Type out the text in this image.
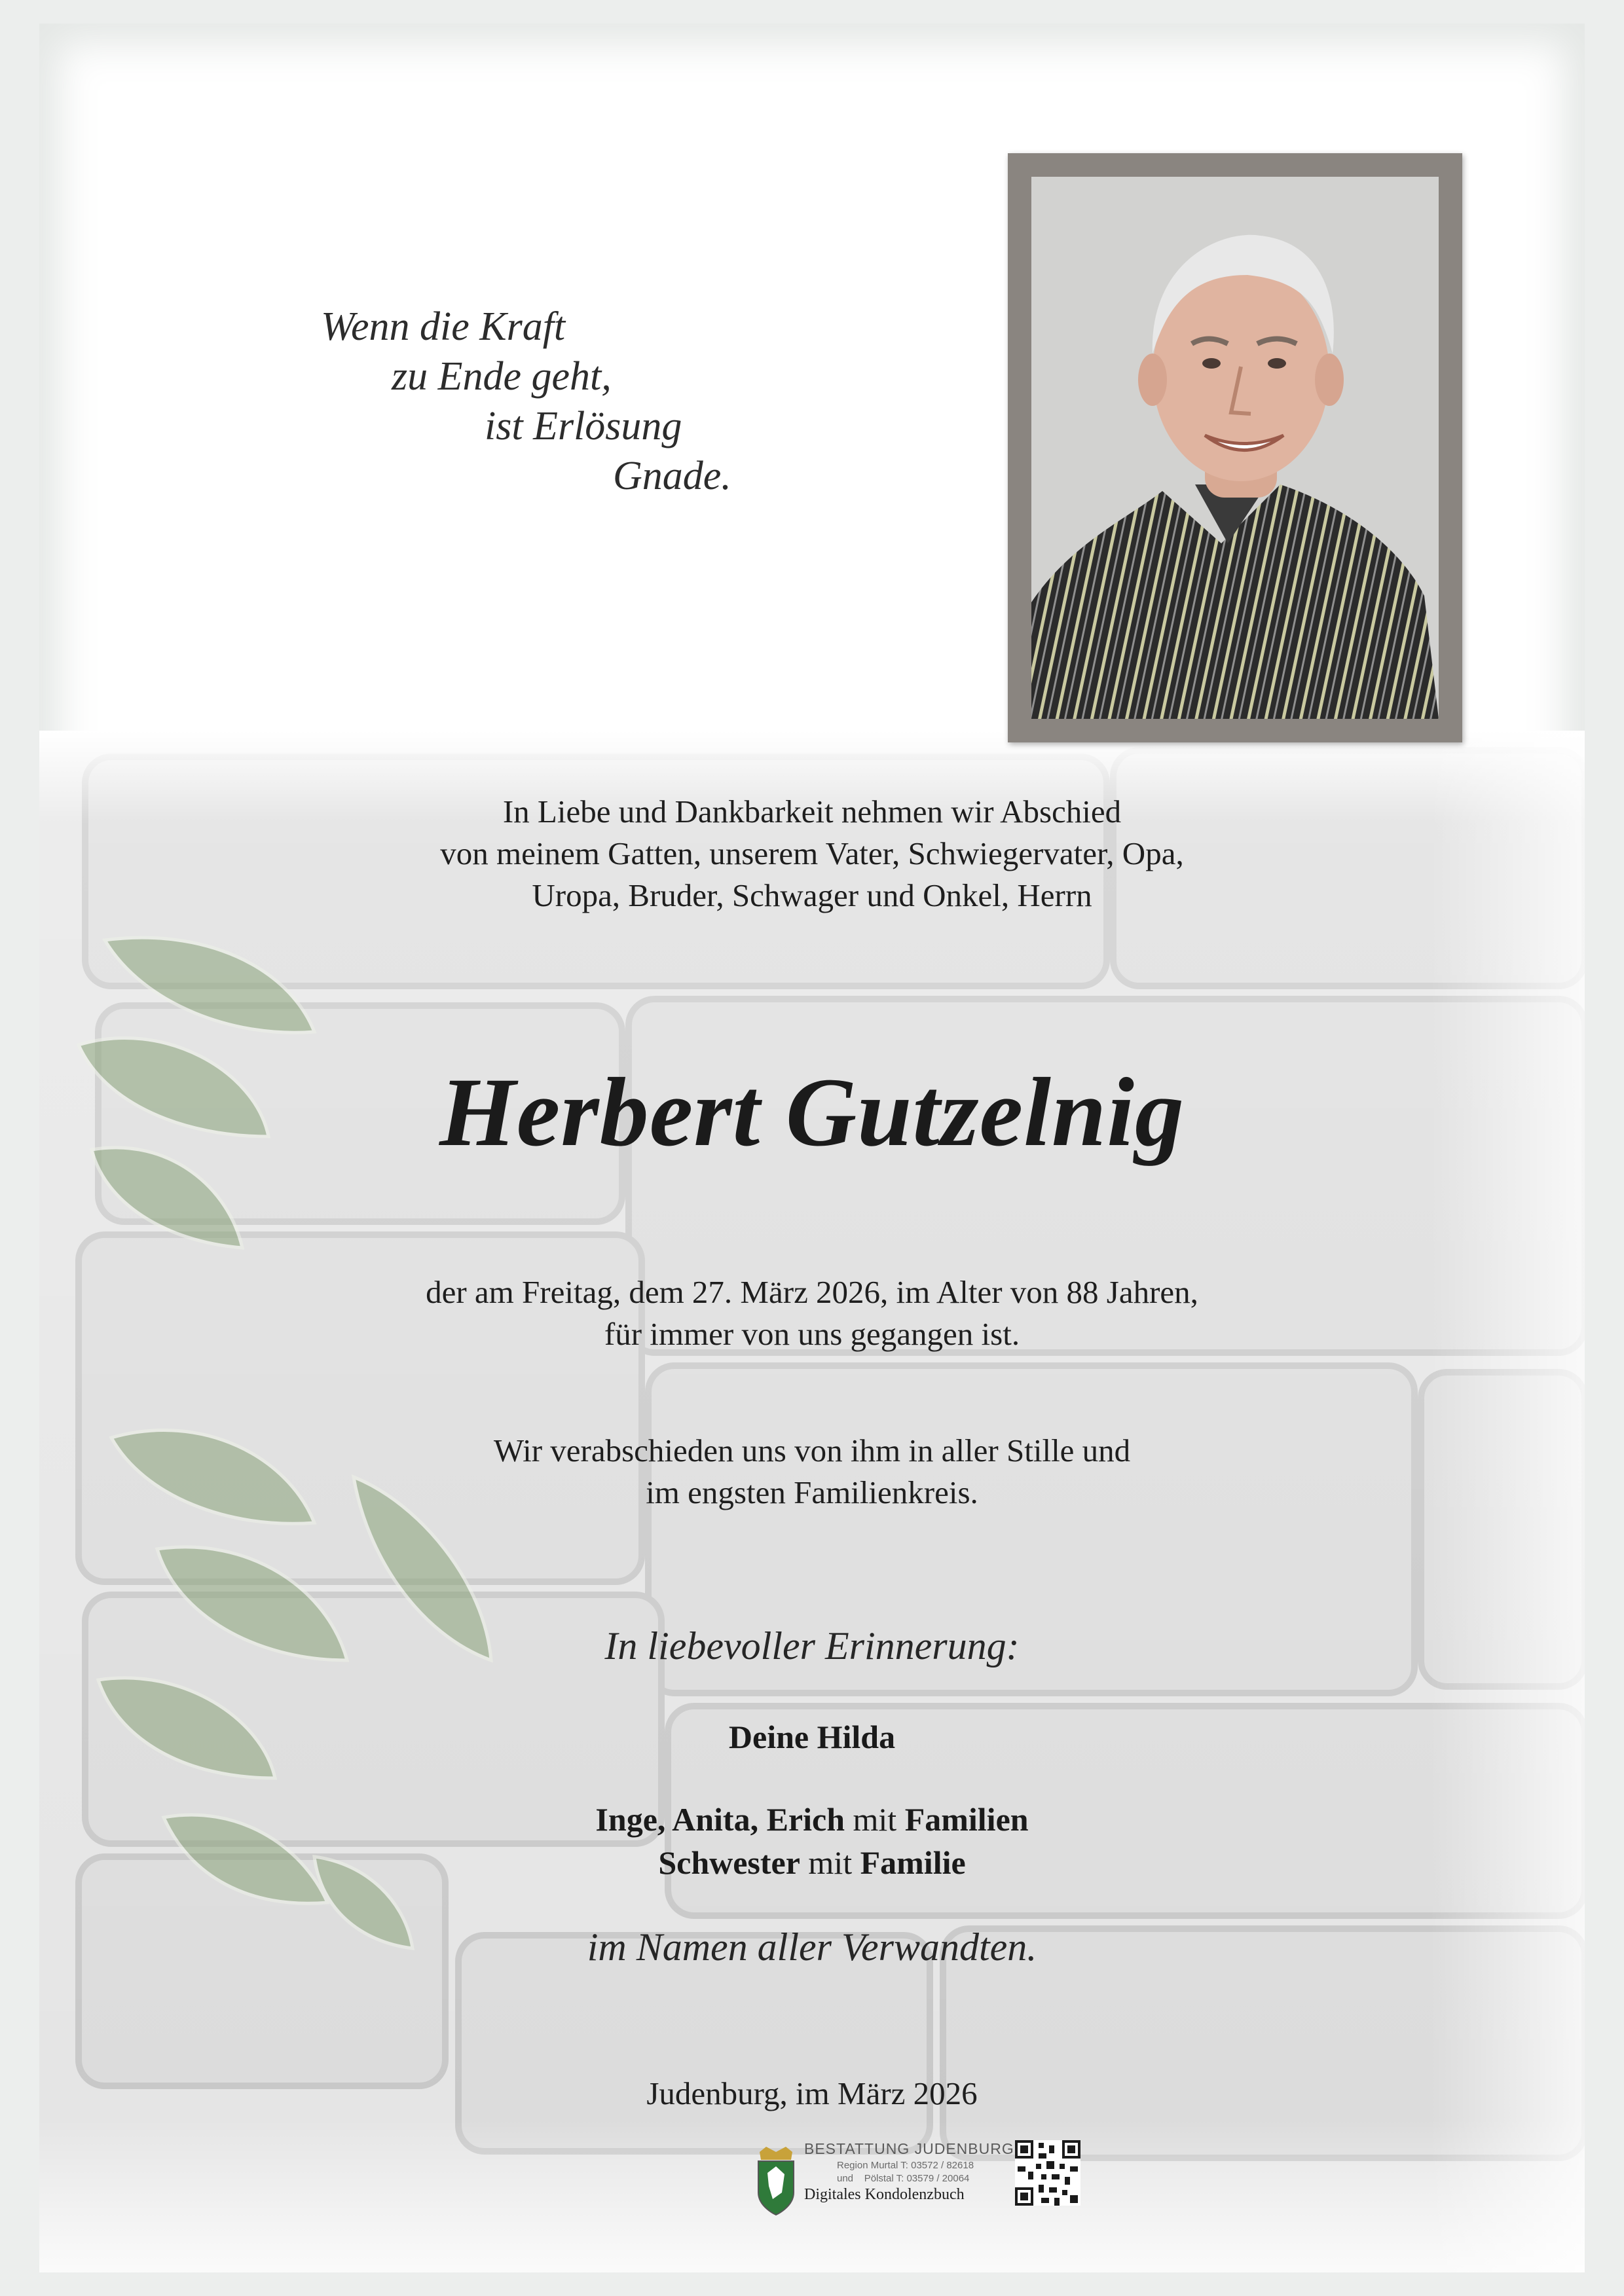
Wenn die Kraft
zu Ende geht,
ist Erlösung
Gnade.
In Liebe und Dankbarkeit nehmen wir Abschied
von meinem Gatten, unserem Vater, Schwiegervater, Opa,
Uropa, Bruder, Schwager und Onkel, Herrn
Herbert Gutzelnig
der am Freitag, dem 27. März 2026, im Alter von 88 Jahren,
für immer von uns gegangen ist.
Wir verabschieden uns von ihm in aller Stille und
im engsten Familienkreis.
In liebevoller Erinnerung:
Deine Hilda
Inge, Anita, Erich mit Familien
Schwester mit Familie
im Namen aller Verwandten.
Judenburg, im März 2026
BESTATTUNG JUDENBURG
Region Murtal T: 03572 / 82618
und    Pölstal T: 03579 / 20064
Digitales Kondolenzbuch
